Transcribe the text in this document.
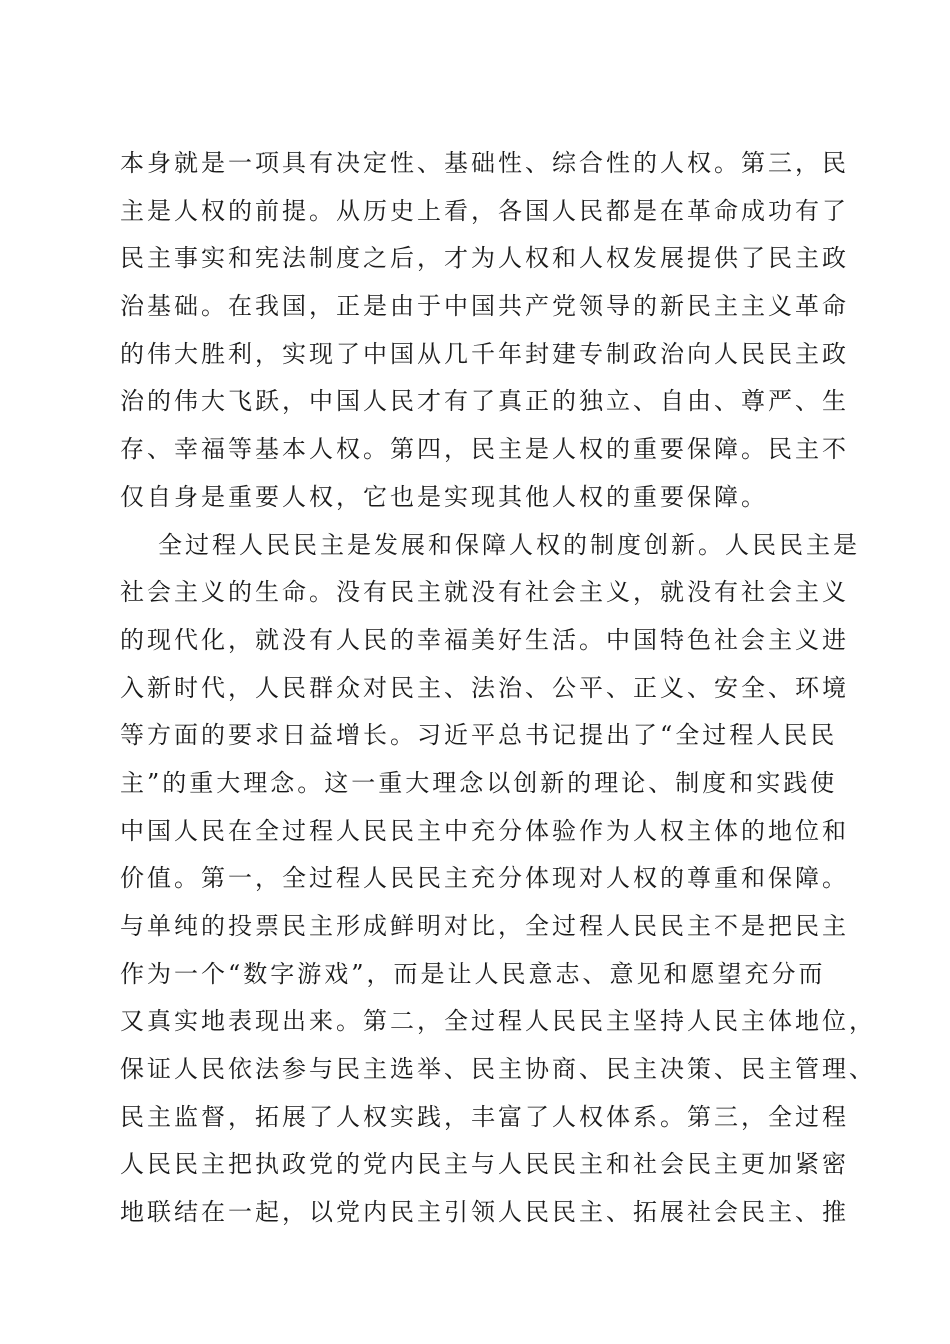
本身就是一项具有决定性、基础性、综合性的人权。第三，民
主是人权的前提。从历史上看，各国人民都是在革命成功有了
民主事实和宪法制度之后，才为人权和人权发展提供了民主政
治基础。在我国，正是由于中国共产党领导的新民主主义革命
的伟大胜利，实现了中国从几千年封建专制政治向人民民主政
治的伟大飞跃，中国人民才有了真正的独立、自由、尊严、生
存、幸福等基本人权。第四，民主是人权的重要保障。民主不
仅自身是重要人权，它也是实现其他人权的重要保障。
全过程人民民主是发展和保障人权的制度创新。人民民主是
社会主义的生命。没有民主就没有社会主义，就没有社会主义
的现代化，就没有人民的幸福美好生活。中国特色社会主义进
入新时代，人民群众对民主、法治、公平、正义、安全、环境
等方面的要求日益增长。习近平总书记提出了“全过程人民民
主”的重大理念。这一重大理念以创新的理论、制度和实践使
中国人民在全过程人民民主中充分体验作为人权主体的地位和
价值。第一，全过程人民民主充分体现对人权的尊重和保障。
与单纯的投票民主形成鲜明对比，全过程人民民主不是把民主
作为一个“数字游戏”，而是让人民意志、意见和愿望充分而
又真实地表现出来。第二，全过程人民民主坚持人民主体地位，
保证人民依法参与民主选举、民主协商、民主决策、民主管理、
民主监督，拓展了人权实践，丰富了人权体系。第三，全过程
人民民主把执政党的党内民主与人民民主和社会民主更加紧密
地联结在一起，以党内民主引领人民民主、拓展社会民主、推
